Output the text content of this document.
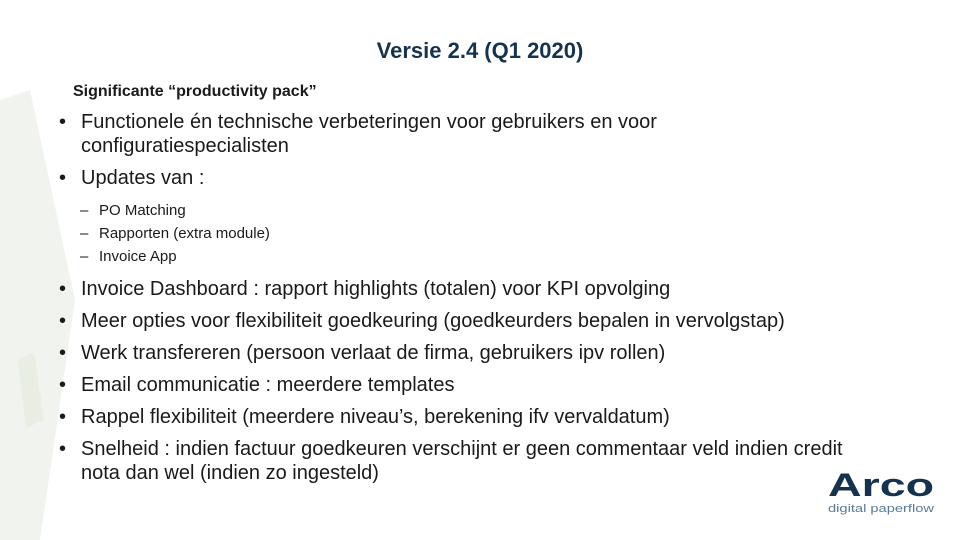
Versie 2.4 (Q1 2020)
Significante “productivity pack”

• Functionele én technische verbeteringen voor gebruikers en voor configuratiespecialisten

• Updates van :

– PO Matching

– Rapporten (extra module)

– Invoice App

• Invoice Dashboard : rapport highlights (totalen) voor KPI opvolging

• Meer opties voor flexibiliteit goedkeuring (goedkeurders bepalen in vervolgstap)

• Werk transfereren (persoon verlaat de firma, gebruikers ipv rollen)

• Email communicatie : meerdere templates

• Rappel flexibiliteit (meerdere niveau’s, berekening ifv vervaldatum)

• Snelheid : indien factuur goedkeuren verschijnt er geen commentaar veld indien credit nota dan wel (indien zo ingesteld)	Arco
digital paperflow
